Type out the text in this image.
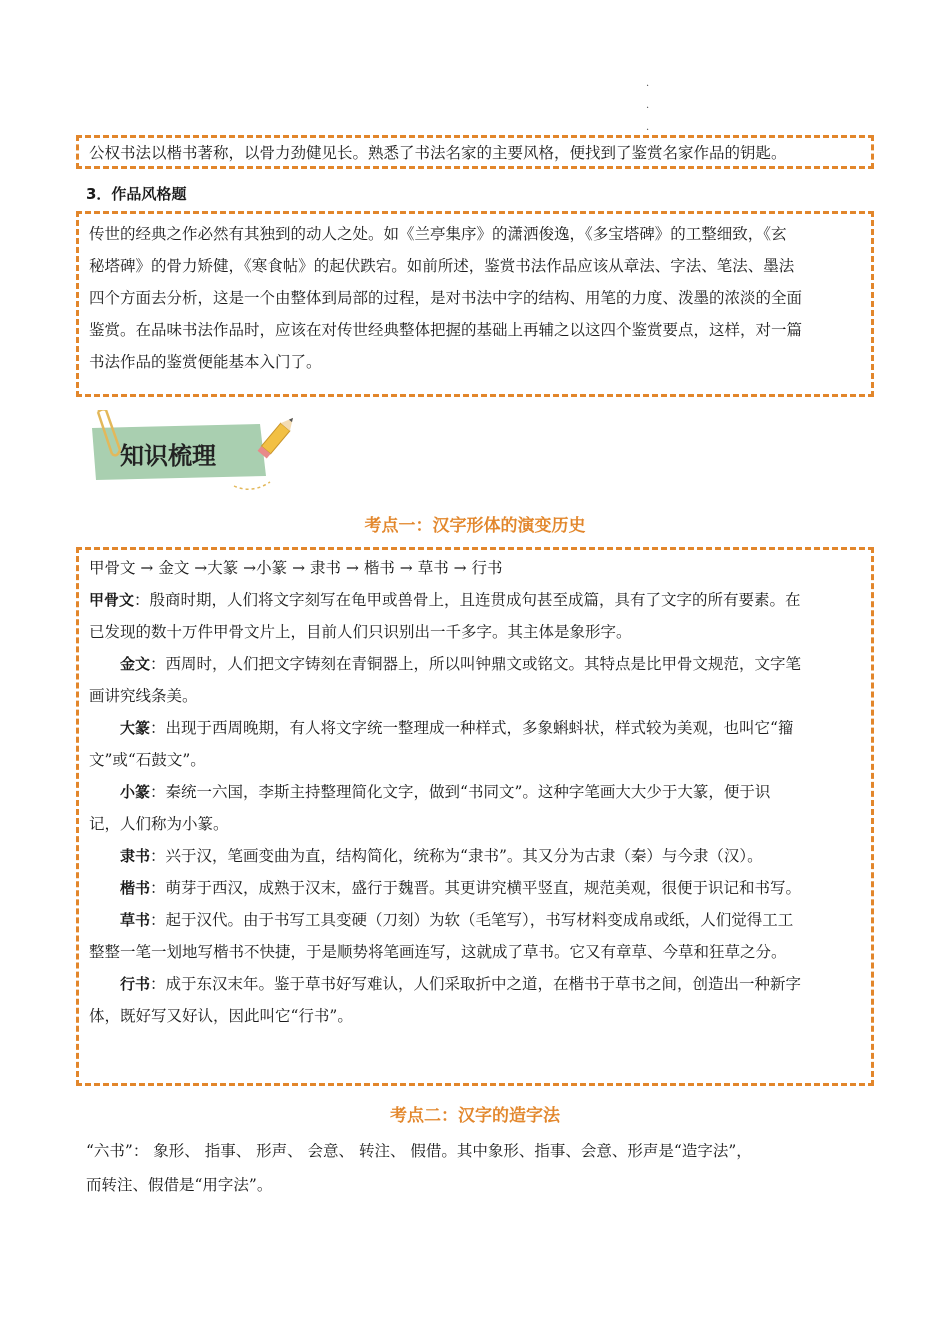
·
·
·

公权书法以楷书著称，以骨力劲健见长。熟悉了书法名家的主要风格，便找到了鉴赏名家作品的钥匙。

3．作品风格题

传世的经典之作必然有其独到的动人之处。如《兰亭集序》的潇洒俊逸，《多宝塔碑》的工整细致，《玄

秘塔碑》的骨力矫健，《寒食帖》的起伏跌宕。如前所述，鉴赏书法作品应该从章法、字法、笔法、墨法

四个方面去分析，这是一个由整体到局部的过程，是对书法中字的结构、用笔的力度、泼墨的浓淡的全面

鉴赏。在品味书法作品时，应该在对传世经典整体把握的基础上再辅之以这四个鉴赏要点，这样，对一篇

书法作品的鉴赏便能基本入门了。

知识梳理
考点一：汉字形体的演变历史

甲骨文 → 金文 →大篆 →小篆 → 隶书 → 楷书 → 草书 → 行书

甲骨文：殷商时期，人们将文字刻写在龟甲或兽骨上，且连贯成句甚至成篇，具有了文字的所有要素。在

已发现的数十万件甲骨文片上，目前人们只识别出一千多字。其主体是象形字。

金文：西周时，人们把文字铸刻在青铜器上，所以叫钟鼎文或铭文。其特点是比甲骨文规范，文字笔

画讲究线条美。

大篆：出现于西周晚期，有人将文字统一整理成一种样式，多象蝌蚪状，样式较为美观，也叫它“籀

文”或“石鼓文”。

小篆：秦统一六国，李斯主持整理简化文字，做到“书同文”。这种字笔画大大少于大篆，便于识

记，人们称为小篆。

隶书：兴于汉，笔画变曲为直，结构简化，统称为“隶书”。其又分为古隶（秦）与今隶（汉）。

楷书：萌芽于西汉，成熟于汉末，盛行于魏晋。其更讲究横平竖直，规范美观，很便于识记和书写。

草书：起于汉代。由于书写工具变硬（刀刻）为软（毛笔写），书写材料变成帛或纸，人们觉得工工

整整一笔一划地写楷书不快捷，于是顺势将笔画连写，这就成了草书。它又有章草、今草和狂草之分。

行书：成于东汉末年。鉴于草书好写难认，人们采取折中之道，在楷书于草书之间，创造出一种新字

体，既好写又好认，因此叫它“行书”。

考点二：汉字的造字法

“六书”： 象形、 指事、 形声、 会意、 转注、 假借。其中象形、指事、会意、形声是“造字法”，

而转注、假借是“用字法”。
